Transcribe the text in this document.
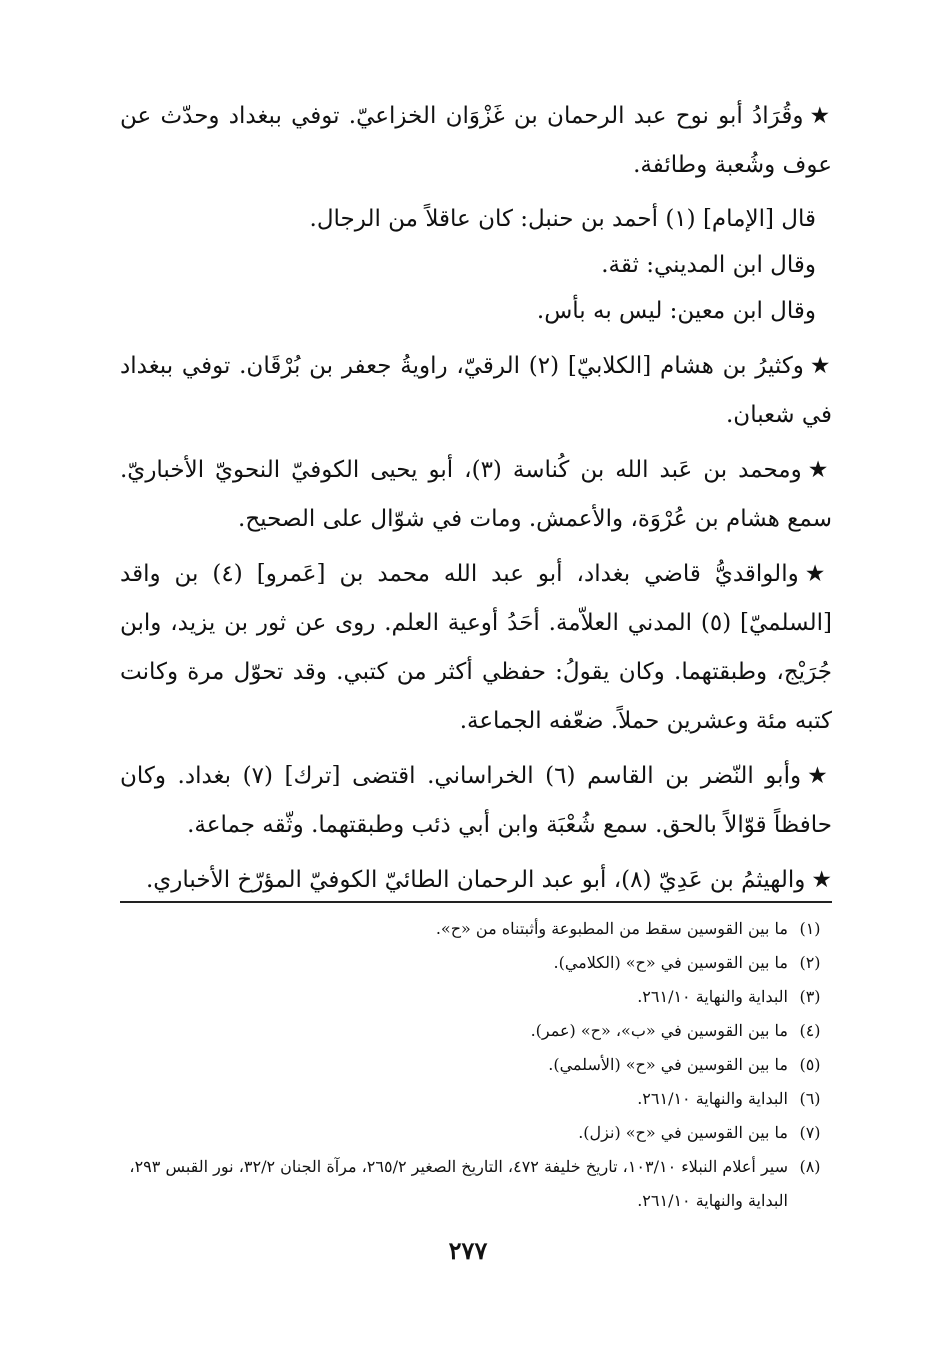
★وقُرَادُ أبو نوح عبد الرحمان بن غَزْوَان الخزاعيّ. توفي ببغداد وحدّث عن عوف وشُعبة وطائفة.

قال [الإمام] (١) أحمد بن حنبل: كان عاقلاً من الرجال.

وقال ابن المديني: ثقة.

وقال ابن معين: ليس به بأس.

★وكثيرُ بن هشام [الكلابيّ] (٢) الرقيّ، راويةُ جعفر بن بُرْقَان. توفي ببغداد في شعبان.

★ومحمد بن عَبد الله بن كُناسة (٣)، أبو يحيى الكوفيّ النحويّ الأخباريّ. سمع هشام بن عُرْوَة، والأعمش. ومات في شوّال على الصحيح.

★والواقديُّ قاضي بغداد، أبو عبد الله محمد بن [عَمرو] (٤) بن واقد [السلميّ] (٥) المدني العلاّمة. أحَدُ أوعية العلم. روى عن ثور بن يزيد، وابن جُرَيْج، وطبقتهما. وكان يقولُ: حفظي أكثر من كتبي. وقد تحوّل مرة وكانت كتبه مئة وعشرين حملاً. ضعّفه الجماعة.

★وأبو النّضر بن القاسم (٦) الخراساني. اقتضى [ترك] (٧) بغداد. وكان حافظاً قوّالاً بالحق. سمع شُعْبَة وابن أبي ذئب وطبقتهما. وثّقه جماعة.

★والهيثمُ بن عَدِيّ (٨)، أبو عبد الرحمان الطائيّ الكوفيّ المؤرّخ الأخباري.

(١)
ما بين القوسين سقط من المطبوعة وأثبتناه من «ح».
(٢)
ما بين القوسين في «ح» (الكلامي).
(٣)
البداية والنهاية ٢٦١/١٠.
(٤)
ما بين القوسين في «ب»، «ح» (عمر).
(٥)
ما بين القوسين في «ح» (الأسلمي).
(٦)
البداية والنهاية ٢٦١/١٠.
(٧)
ما بين القوسين في «ح» (نزل).
(٨)
سير أعلام النبلاء ١٠٣/١٠، تاريخ خليفة ٤٧٢، التاريخ الصغير ٢٦٥/٢، مرآة الجنان ٣٢/٢، نور القبس ٢٩٣، البداية والنهاية ٢٦١/١٠.
٢٧٧
